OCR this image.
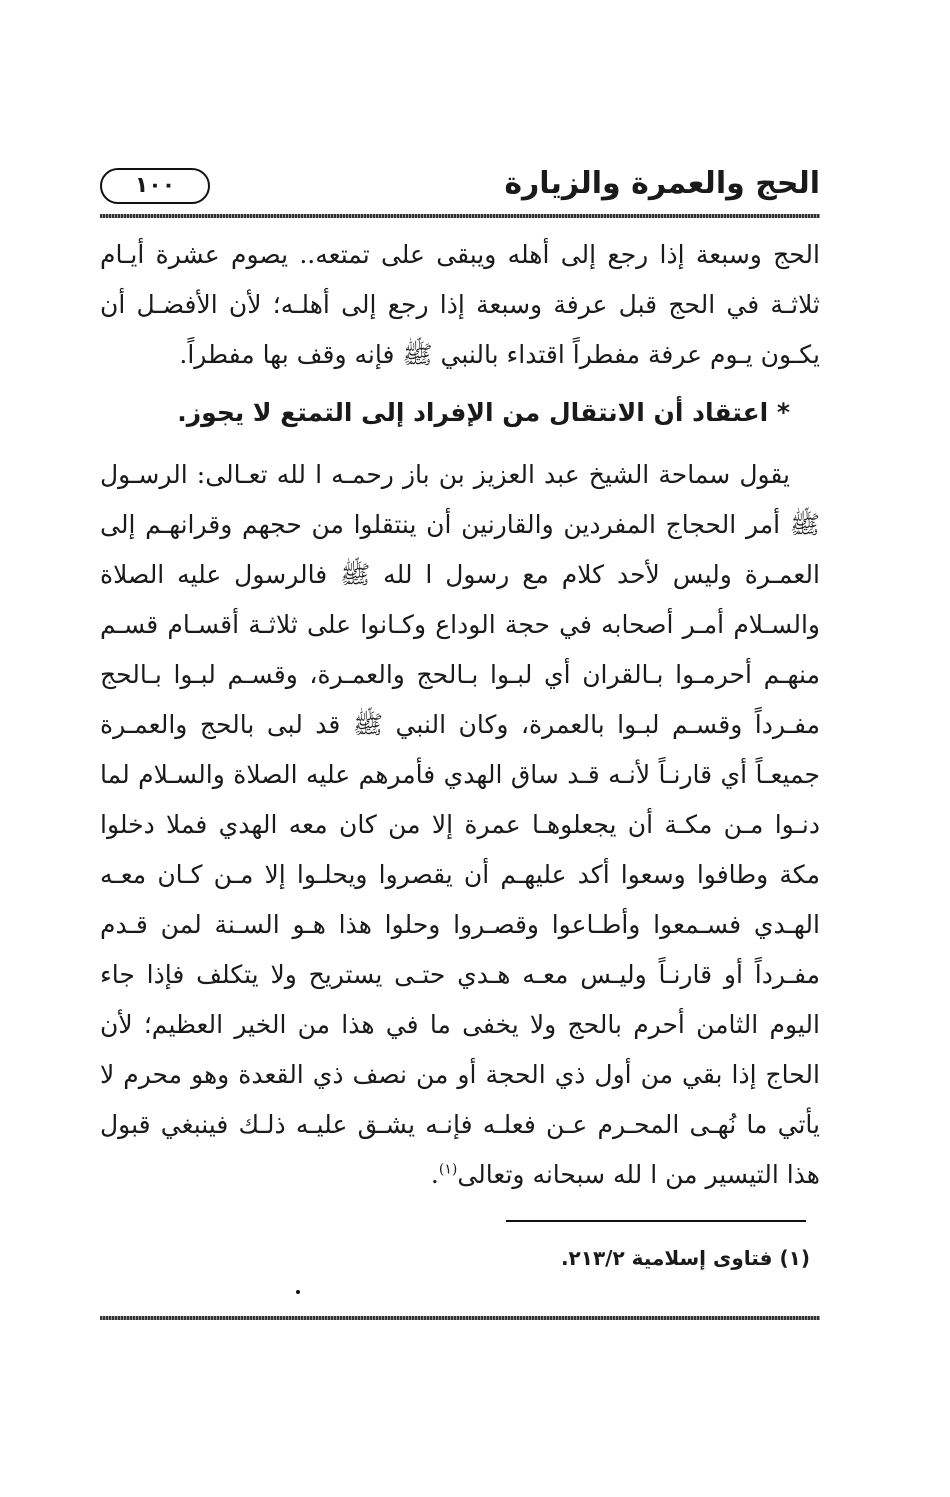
١٠٠	الحج والعمرة والزيارة

الحج وسبعة إذا رجع إلى أهله ويبقى على تمتعه.. يصوم عشرة أيـام ثلاثـة في الحج قبل عرفة وسبعة إذا رجع إلى أهلـه؛ لأن الأفضـل أن يكـون يـوم عرفة مفطراً اقتداء بالنبي ﷺ فإنه وقف بها مفطراً.

* اعتقاد أن الانتقال من الإفراد إلى التمتع لا يجوز.

يقول سماحة الشيخ عبد العزيز بن باز رحمـه ا لله تعـالى: الرسـول ﷺ أمر الحجاج المفردين والقارنين أن ينتقلوا من حجهم وقرانهـم إلى العمـرة وليس لأحد كلام مع رسول ا لله ﷺ فالرسول عليه الصلاة والسـلام أمـر أصحابه في حجة الوداع وكـانوا على ثلاثـة أقسـام قسـم منهـم أحرمـوا بـالقران أي لبـوا بـالحج والعمـرة، وقسـم لبـوا بـالحج مفـرداً وقسـم لبـوا بالعمرة، وكان النبي ﷺ قد لبى بالحج والعمـرة جميعـاً أي قارنـاً لأنـه قـد ساق الهدي فأمرهم عليه الصلاة والسـلام لما دنـوا مـن مكـة أن يجعلوهـا عمرة إلا من كان معه الهدي فملا دخلوا مكة وطافوا وسعوا أكد عليهـم أن يقصروا ويحلـوا إلا مـن كـان معـه الهـدي فسـمعوا وأطـاعوا وقصـروا وحلوا هذا هـو السـنة لمن قـدم مفـرداً أو قارنـاً وليـس معـه هـدي حتـى يستريح ولا يتكلف فإذا جاء اليوم الثامن أحرم بالحج ولا يخفى ما في هذا من الخير العظيم؛ لأن الحاج إذا بقي من أول ذي الحجة أو من نصف ذي القعدة وهو محرم لا يأتي ما نُهـى المحـرم عـن فعلـه فإنـه يشـق عليـه ذلـك فينبغي قبول هذا التيسير من ا لله سبحانه وتعالى$^{(١)}$.

(١) فتاوى إسلامية ٢١٣/٢.
